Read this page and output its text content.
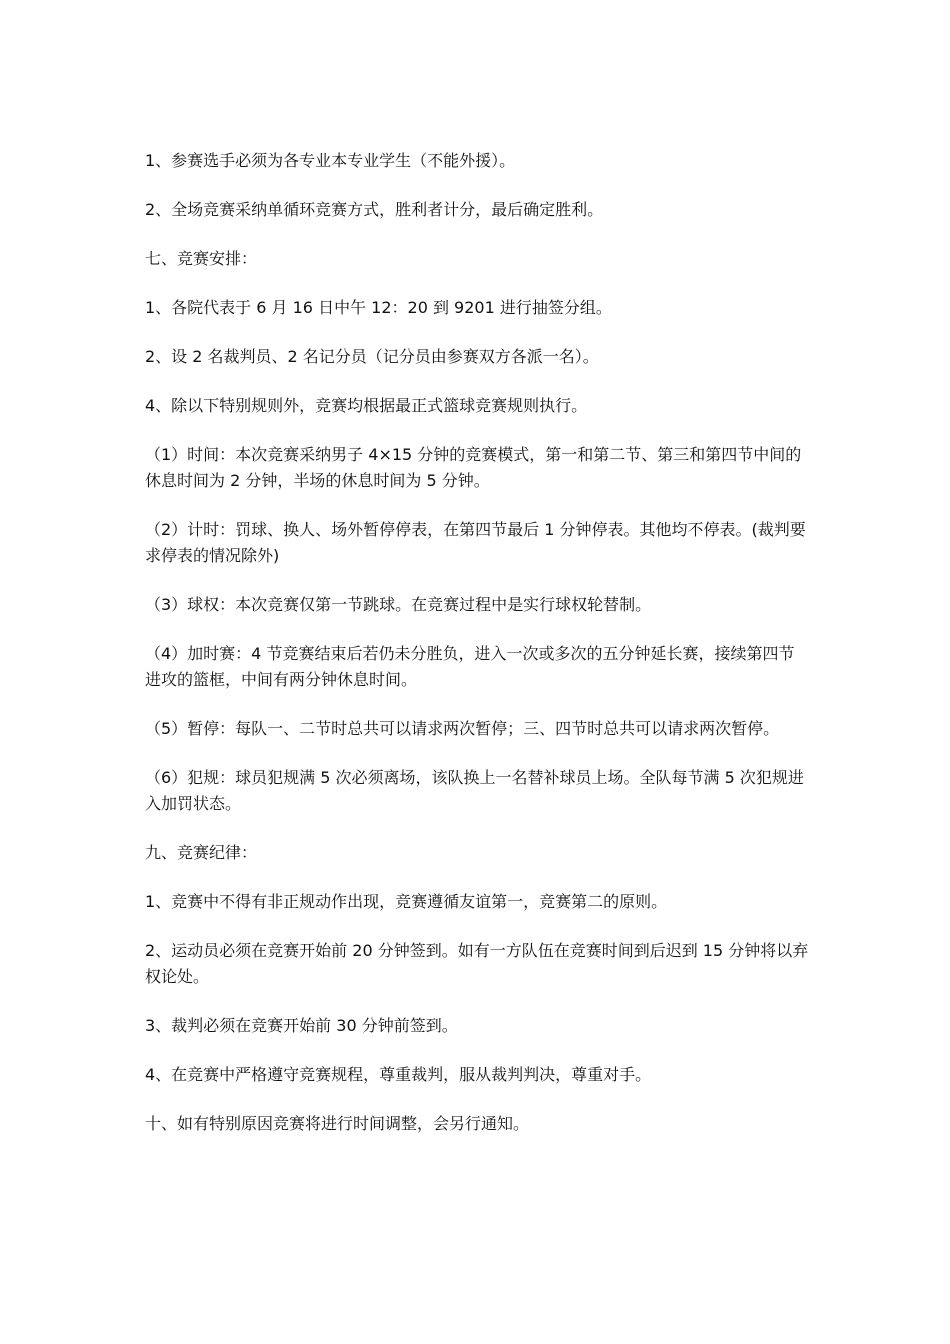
1、参赛选手必须为各专业本专业学生（不能外援）。

2、全场竞赛采纳单循环竞赛方式，胜利者计分，最后确定胜利。

七、竞赛安排：

1、各院代表于 6 月 16 日中午 12：20 到 9201 进行抽签分组。

2、设 2 名裁判员、2 名记分员（记分员由参赛双方各派一名）。

4、除以下特别规则外，竞赛均根据最正式篮球竞赛规则执行。

（1）时间：本次竞赛采纳男子 4×15 分钟的竞赛模式，第一和第二节、第三和第四节中间的休息时间为 2 分钟，半场的休息时间为 5 分钟。

（2）计时：罚球、换人、场外暂停停表，在第四节最后 1 分钟停表。其他均不停表。(裁判要求停表的情况除外)

（3）球权：本次竞赛仅第一节跳球。在竞赛过程中是实行球权轮替制。

（4）加时赛：4 节竞赛结束后若仍未分胜负，进入一次或多次的五分钟延长赛，接续第四节进攻的篮框，中间有两分钟休息时间。

（5）暂停：每队一、二节时总共可以请求两次暂停；三、四节时总共可以请求两次暂停。

（6）犯规：球员犯规满 5 次必须离场，该队换上一名替补球员上场。全队每节满 5 次犯规进入加罚状态。

九、竞赛纪律：

1、竞赛中不得有非正规动作出现，竞赛遵循友谊第一，竞赛第二的原则。

2、运动员必须在竞赛开始前 20 分钟签到。如有一方队伍在竞赛时间到后迟到 15 分钟将以弃权论处。

3、裁判必须在竞赛开始前 30 分钟前签到。

4、在竞赛中严格遵守竞赛规程，尊重裁判，服从裁判判决，尊重对手。

十、如有特别原因竞赛将进行时间调整，会另行通知。
